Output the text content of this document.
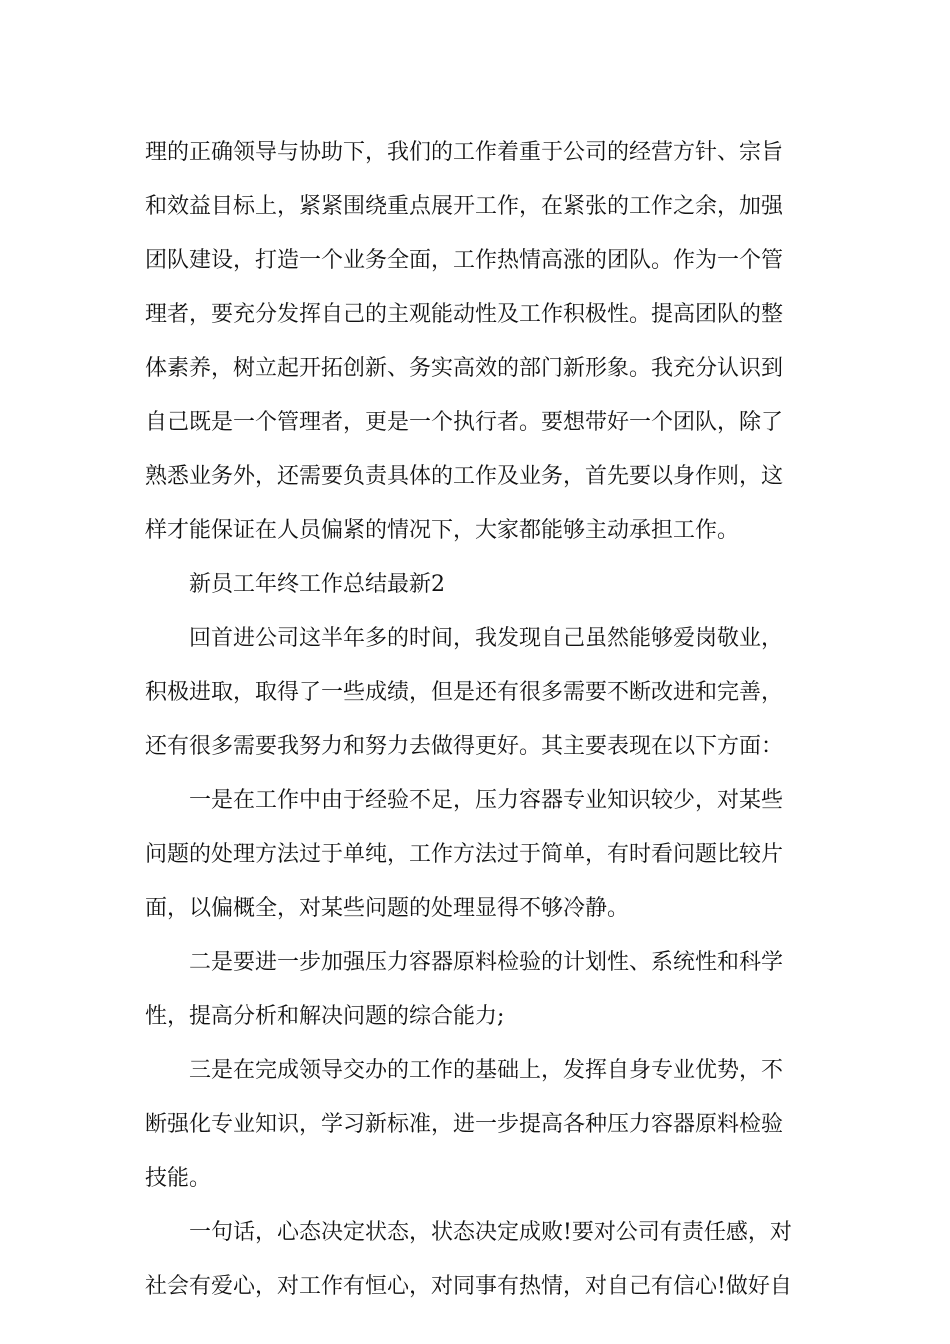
理的正确领导与协助下，我们的工作着重于公司的经营方针、宗旨
和效益目标上，紧紧围绕重点展开工作，在紧张的工作之余，加强
团队建设，打造一个业务全面，工作热情高涨的团队。作为一个管
理者，要充分发挥自己的主观能动性及工作积极性。提高团队的整
体素养，树立起开拓创新、务实高效的部门新形象。我充分认识到
自己既是一个管理者，更是一个执行者。要想带好一个团队，除了
熟悉业务外，还需要负责具体的工作及业务，首先要以身作则，这
样才能保证在人员偏紧的情况下，大家都能够主动承担工作。
新员工年终工作总结最新2
回首进公司这半年多的时间，我发现自己虽然能够爱岗敬业，
积极进取，取得了一些成绩，但是还有很多需要不断改进和完善，
还有很多需要我努力和努力去做得更好。其主要表现在以下方面：
一是在工作中由于经验不足，压力容器专业知识较少，对某些
问题的处理方法过于单纯，工作方法过于简单，有时看问题比较片
面，以偏概全，对某些问题的处理显得不够冷静。
二是要进一步加强压力容器原料检验的计划性、系统性和科学
性，提高分析和解决问题的综合能力;
三是在完成领导交办的工作的基础上，发挥自身专业优势，不
断强化专业知识，学习新标准，进一步提高各种压力容器原料检验
技能。
一句话，心态决定状态，状态决定成败!要对公司有责任感，对
社会有爱心，对工作有恒心，对同事有热情，对自己有信心!做好自
